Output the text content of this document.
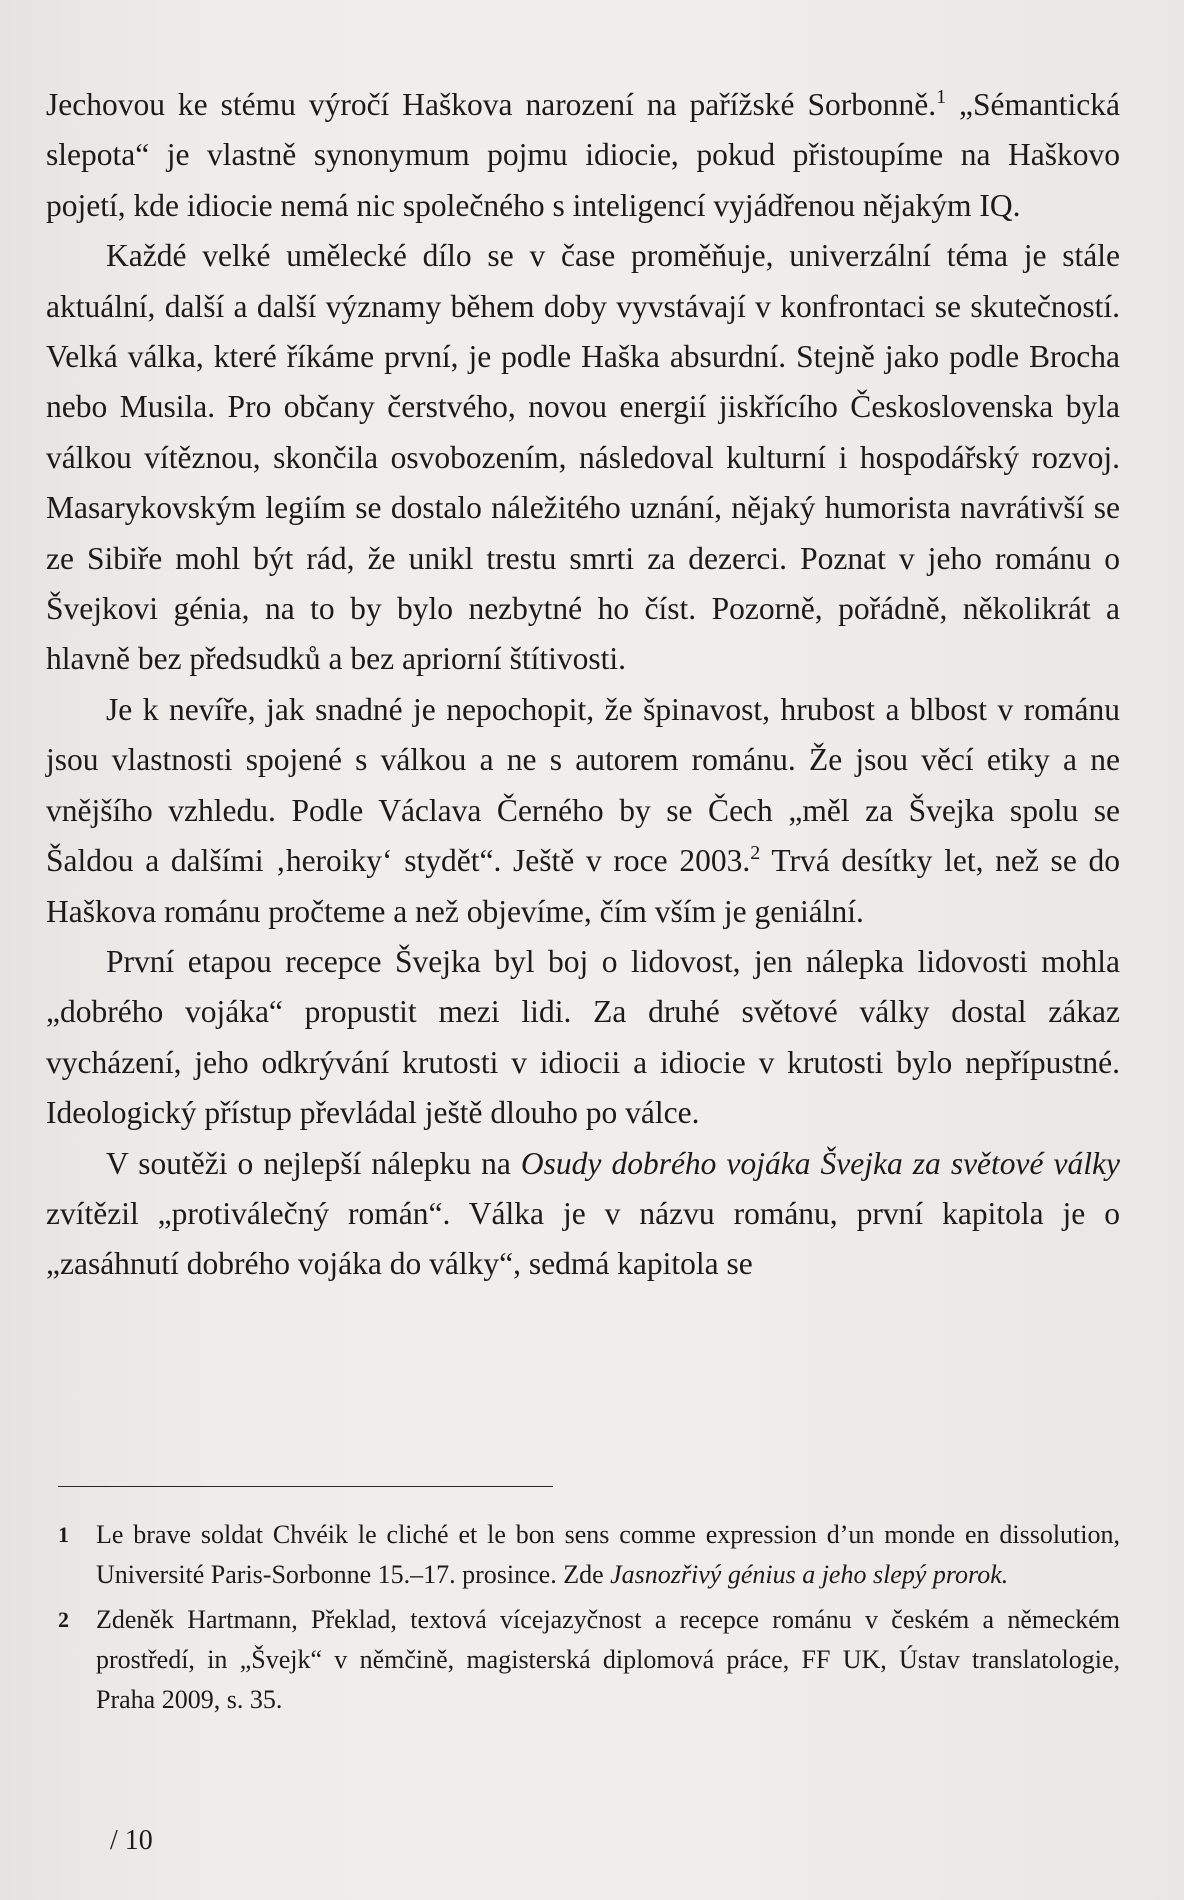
Jechovou ke stému výročí Haškova narození na pařížské Sorbonně.$^1$ „Sémantická slepota“ je vlastně synonymum pojmu idiocie, pokud přistoupíme na Haškovo pojetí, kde idiocie nemá nic společného s inteligencí vyjádřenou nějakým IQ.

Každé velké umělecké dílo se v čase proměňuje, univerzální téma je stále aktuální, další a další významy během doby vyvstávají v konfrontaci se skutečností. Velká válka, které říkáme první, je podle Haška absurdní. Stejně jako podle Brocha nebo Musila. Pro občany čerstvého, novou energií jiskřícího Československa byla válkou vítěznou, skončila osvobozením, následoval kulturní i hospodářský rozvoj. Masarykovským legiím se dostalo náležitého uznání, nějaký humorista navrátivší se ze Sibiře mohl být rád, že unikl trestu smrti za dezerci. Poznat v jeho románu o Švejkovi génia, na to by bylo nezbytné ho číst. Pozorně, pořádně, několikrát a hlavně bez předsudků a bez apriorní štítivosti.

Je k nevíře, jak snadné je nepochopit, že špinavost, hrubost a blbost v románu jsou vlastnosti spojené s válkou a ne s autorem románu. Že jsou věcí etiky a ne vnějšího vzhledu. Podle Václava Černého by se Čech „měl za Švejka spolu se Šaldou a dalšími ‚heroiky‘ stydět“. Ještě v roce 2003.$^2$ Trvá desítky let, než se do Haškova románu pročteme a než objevíme, čím vším je geniální.

První etapou recepce Švejka byl boj o lidovost, jen nálepka lidovosti mohla „dobrého vojáka“ propustit mezi lidi. Za druhé světové války dostal zákaz vycházení, jeho odkrývání krutosti v idiocii a idiocie v krutosti bylo nepřípustné. Ideologický přístup převládal ještě dlouho po válce.

V soutěži o nejlepší nálepku na Osudy dobrého vojáka Švejka za světové války zvítězil „protiválečný román“. Válka je v názvu románu, první kapitola je o „zasáhnutí dobrého vojáka do války“, sedmá kapitola se

1	Le brave soldat Chvéik le cliché et le bon sens comme expression d’un monde en dissolution, Université Paris-Sorbonne 15.–17. prosince. Zde Jasnozřivý génius a jeho slepý prorok.
2	Zdeněk Hartmann, Překlad, textová vícejazyčnost a recepce románu v českém a německém prostředí, in „Švejk“ v němčině, magisterská diplomová práce, FF UK, Ústav translatologie, Praha 2009, s. 35.
/ 10
